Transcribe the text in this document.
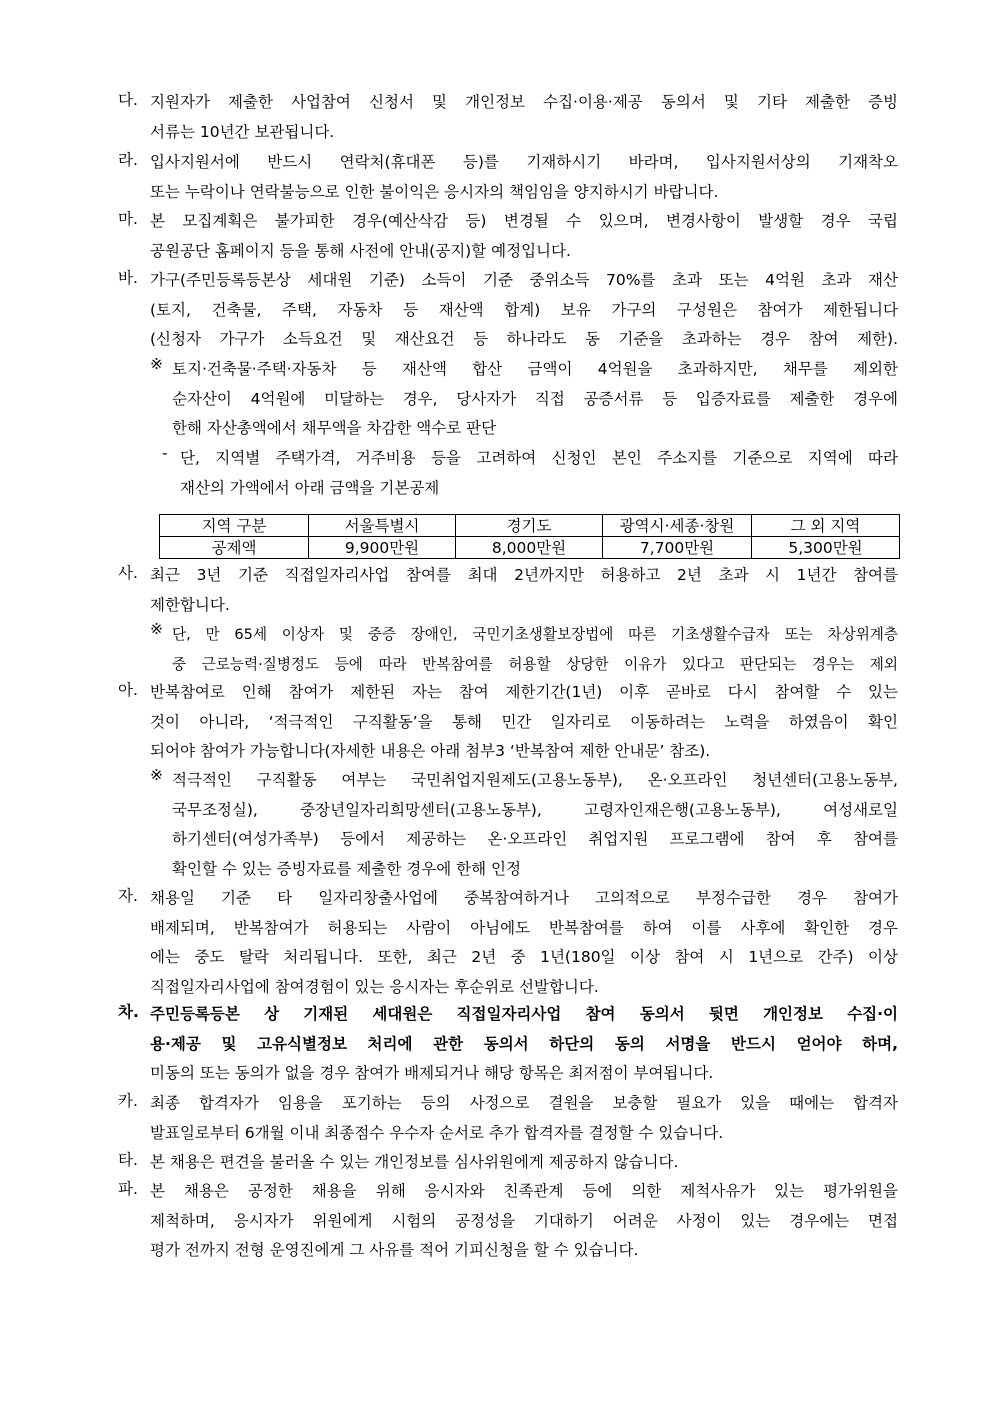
다. 지원자가 제출한 사업참여 신청서 및 개인정보 수집·이용·제공 동의서 및 기타 제출한 증빙
서류는 10년간 보관됩니다.
라. 입사지원서에 반드시 연락처(휴대폰 등)를 기재하시기 바라며, 입사지원서상의 기재착오
또는 누락이나 연락불능으로 인한 불이익은 응시자의 책임임을 양지하시기 바랍니다.
마. 본 모집계획은 불가피한 경우(예산삭감 등) 변경될 수 있으며, 변경사항이 발생할 경우 국립
공원공단 홈페이지 등을 통해 사전에 안내(공지)할 예정입니다.
바. 가구(주민등록등본상 세대원 기준) 소득이 기준 중위소득 70%를 초과 또는 4억원 초과 재산
(토지, 건축물, 주택, 자동차 등 재산액 합계) 보유 가구의 구성원은 참여가 제한됩니다
(신청자 가구가 소득요건 및 재산요건 등 하나라도 동 기준을 초과하는 경우 참여 제한).
※ 토지·건축물·주택·자동차 등 재산액 합산 금액이 4억원을 초과하지만, 채무를 제외한
순자산이 4억원에 미달하는 경우, 당사자가 직접 공증서류 등 입증자료를 제출한 경우에
한해 자산총액에서 채무액을 차감한 액수로 판단
- 단, 지역별 주택가격, 거주비용 등을 고려하여 신청인 본인 주소지를 기준으로 지역에 따라
재산의 가액에서 아래 금액을 기본공제
지역 구분	서울특별시	경기도	광역시·세종·창원	그 외 지역
공제액	9,900만원	8,000만원	7,700만원	5,300만원
사. 최근 3년 기준 직접일자리사업 참여를 최대 2년까지만 허용하고 2년 초과 시 1년간 참여를
제한합니다.
※ 단, 만 65세 이상자 및 중증 장애인, 국민기초생활보장법에 따른 기초생활수급자 또는 차상위계층
중 근로능력·질병정도 등에 따라 반복참여를 허용할 상당한 이유가 있다고 판단되는 경우는 제외
아. 반복참여로 인해 참여가 제한된 자는 참여 제한기간(1년) 이후 곧바로 다시 참여할 수 있는
것이 아니라, ‘적극적인 구직활동’을 통해 민간 일자리로 이동하려는 노력을 하였음이 확인
되어야 참여가 가능합니다(자세한 내용은 아래 첨부3 ‘반복참여 제한 안내문’ 참조).
※ 적극적인 구직활동 여부는 국민취업지원제도(고용노동부), 온·오프라인 청년센터(고용노동부,
국무조정실), 중장년일자리희망센터(고용노동부), 고령자인재은행(고용노동부), 여성새로일
하기센터(여성가족부) 등에서 제공하는 온·오프라인 취업지원 프로그램에 참여 후 참여를
확인할 수 있는 증빙자료를 제출한 경우에 한해 인정
자. 채용일 기준 타 일자리창출사업에 중복참여하거나 고의적으로 부정수급한 경우 참여가
배제되며, 반복참여가 허용되는 사람이 아님에도 반복참여를 하여 이를 사후에 확인한 경우
에는 중도 탈락 처리됩니다. 또한, 최근 2년 중 1년(180일 이상 참여 시 1년으로 간주) 이상
직접일자리사업에 참여경험이 있는 응시자는 후순위로 선발합니다.
차. 주민등록등본 상 기재된 세대원은 직접일자리사업 참여 동의서 뒷면 개인정보 수집·이
용·제공 및 고유식별정보 처리에 관한 동의서 하단의 동의 서명을 반드시 얻어야 하며,
미동의 또는 동의가 없을 경우 참여가 배제되거나 해당 항목은 최저점이 부여됩니다.
카. 최종 합격자가 임용을 포기하는 등의 사정으로 결원을 보충할 필요가 있을 때에는 합격자
발표일로부터 6개월 이내 최종점수 우수자 순서로 추가 합격자를 결정할 수 있습니다.
타. 본 채용은 편견을 불러올 수 있는 개인정보를 심사위원에게 제공하지 않습니다.
파. 본 채용은 공정한 채용을 위해 응시자와 친족관계 등에 의한 제척사유가 있는 평가위원을
제척하며, 응시자가 위원에게 시험의 공정성을 기대하기 어려운 사정이 있는 경우에는 면접
평가 전까지 전형 운영진에게 그 사유를 적어 기피신청을 할 수 있습니다.
